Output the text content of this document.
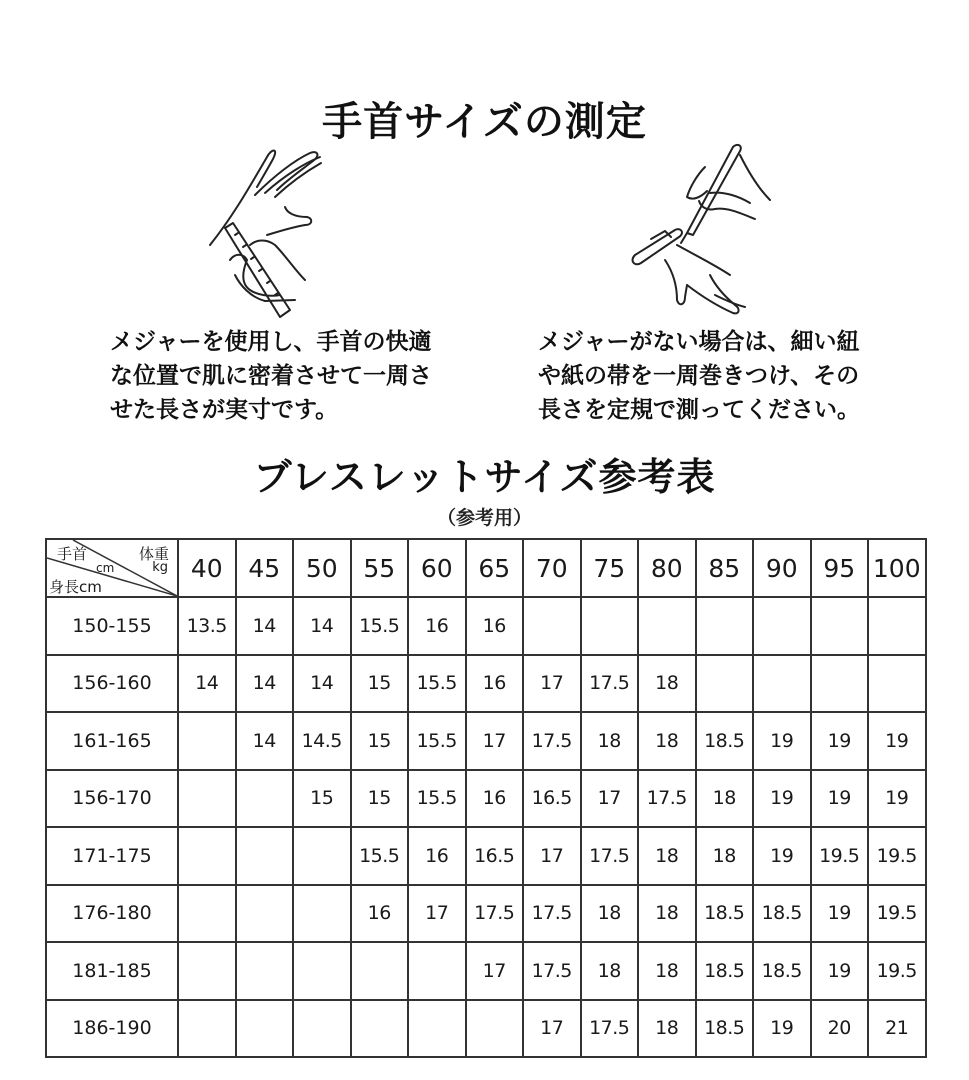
手首サイズの測定
メジャーを使用し、手首の快適
な位置で肌に密着させて一周さ
せた長さが実寸です。
メジャーがない場合は、細い紐
や紙の帯を一周巻きつけ、その
長さを定規で測ってください。
ブレスレットサイズ参考表
（参考用）
手首
cm
体重
kg
身長cm	40	45	50	55	60	65	70	75	80	85	90	95	100
150-155	13.5	14	14	15.5	16	16							
156-160	14	14	14	15	15.5	16	17	17.5	18				
161-165		14	14.5	15	15.5	17	17.5	18	18	18.5	19	19	19
156-170			15	15	15.5	16	16.5	17	17.5	18	19	19	19
171-175				15.5	16	16.5	17	17.5	18	18	19	19.5	19.5
176-180				16	17	17.5	17.5	18	18	18.5	18.5	19	19.5
181-185						17	17.5	18	18	18.5	18.5	19	19.5
186-190							17	17.5	18	18.5	19	20	21
